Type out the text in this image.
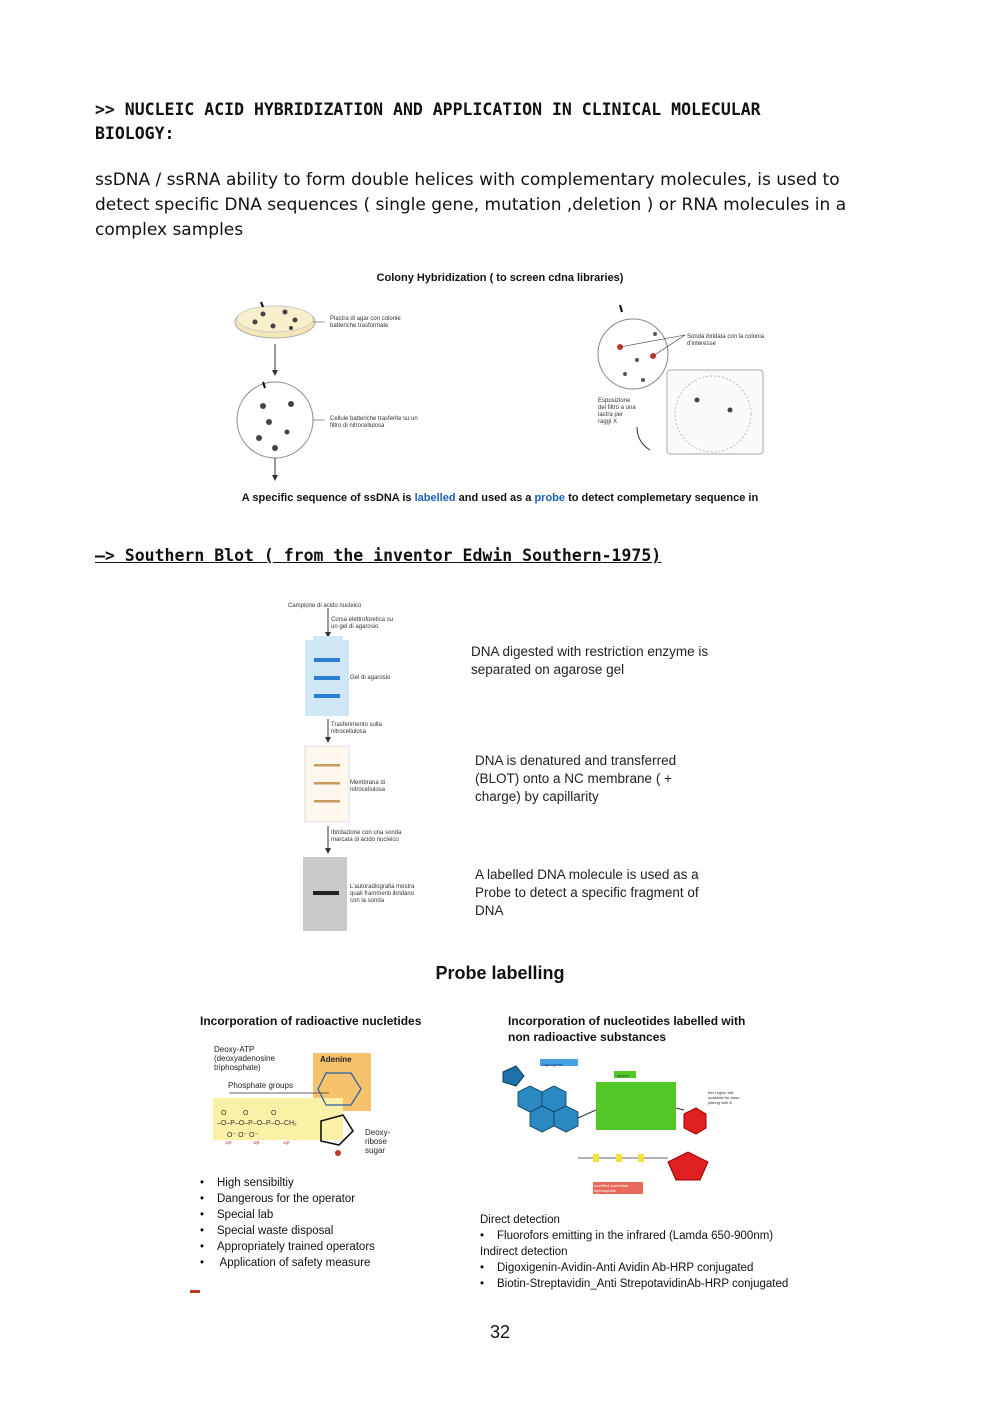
>> NUCLEIC ACID HYBRIDIZATION AND APPLICATION IN CLINICAL MOLECULAR
BIOLOGY:
ssDNA / ssRNA ability to form double helices with complementary molecules, is used to detect specific DNA sequences ( single gene, mutation ,deletion ) or RNA molecules in a complex samples
Colony Hybridization ( to screen cdna libraries)
Piastra di agar con colonie batteriche trasformate
Cellule batteriche trasferite su un filtro di nitrocellulosa
Sonda ibridata con la colonia d'interesse
Esposizione del filtro a una lastra per raggi X
A specific sequence of ssDNA is labelled and used as a probe to detect complemetary sequence in
—> Southern Blot ( from the inventor Edwin Southern-1975)
Campione di acido nucleico
Corsa elettroforetica su un gel di agarosio
Gel di agarosio
DNA digested with restriction enzyme is separated on agarose gel
Trasferimento sulla nitrocellulosa
Membrana di nitrocellulosa
DNA is denatured and transferred (BLOT) onto a NC membrane ( + charge) by capillarity
Ibridazione con una sonda marcata di acido nucleico
L'autoradiografia mostra quali frammenti ibridano con la sonda
A labelled DNA molecule is used as a Probe to detect a specific fragment of DNA
Probe labelling
Incorporation of radioactive nucletides
O O	O
–O–P–O–P–O–P–O–CH₂
O⁻ O⁻ O⁻
³²P	³²P	³²P
Deoxy-ATP (deoxyadenosine triphosphate)
Adenine
Phosphate groups
Deoxy- ribose sugar
• High sensibiltiy
• Dangerous for the operator
• Special lab
• Special waste disposal
• Appropriately trained operators
• Application of safety measure
Incorporation of nucleotides labelled with non radioactive substances
Digoxigenin
spacer
this region still available for base-pairing with A
modified nucleotide triphosphate
Direct detection
• Fluorofors emitting in the infrared (Lamda 650-900nm)
Indirect detection
• Digoxigenin-Avidin-Anti Avidin Ab-HRP conjugated
• Biotin-Streptavidin_Anti StrepotavidinAb-HRP conjugated
32
